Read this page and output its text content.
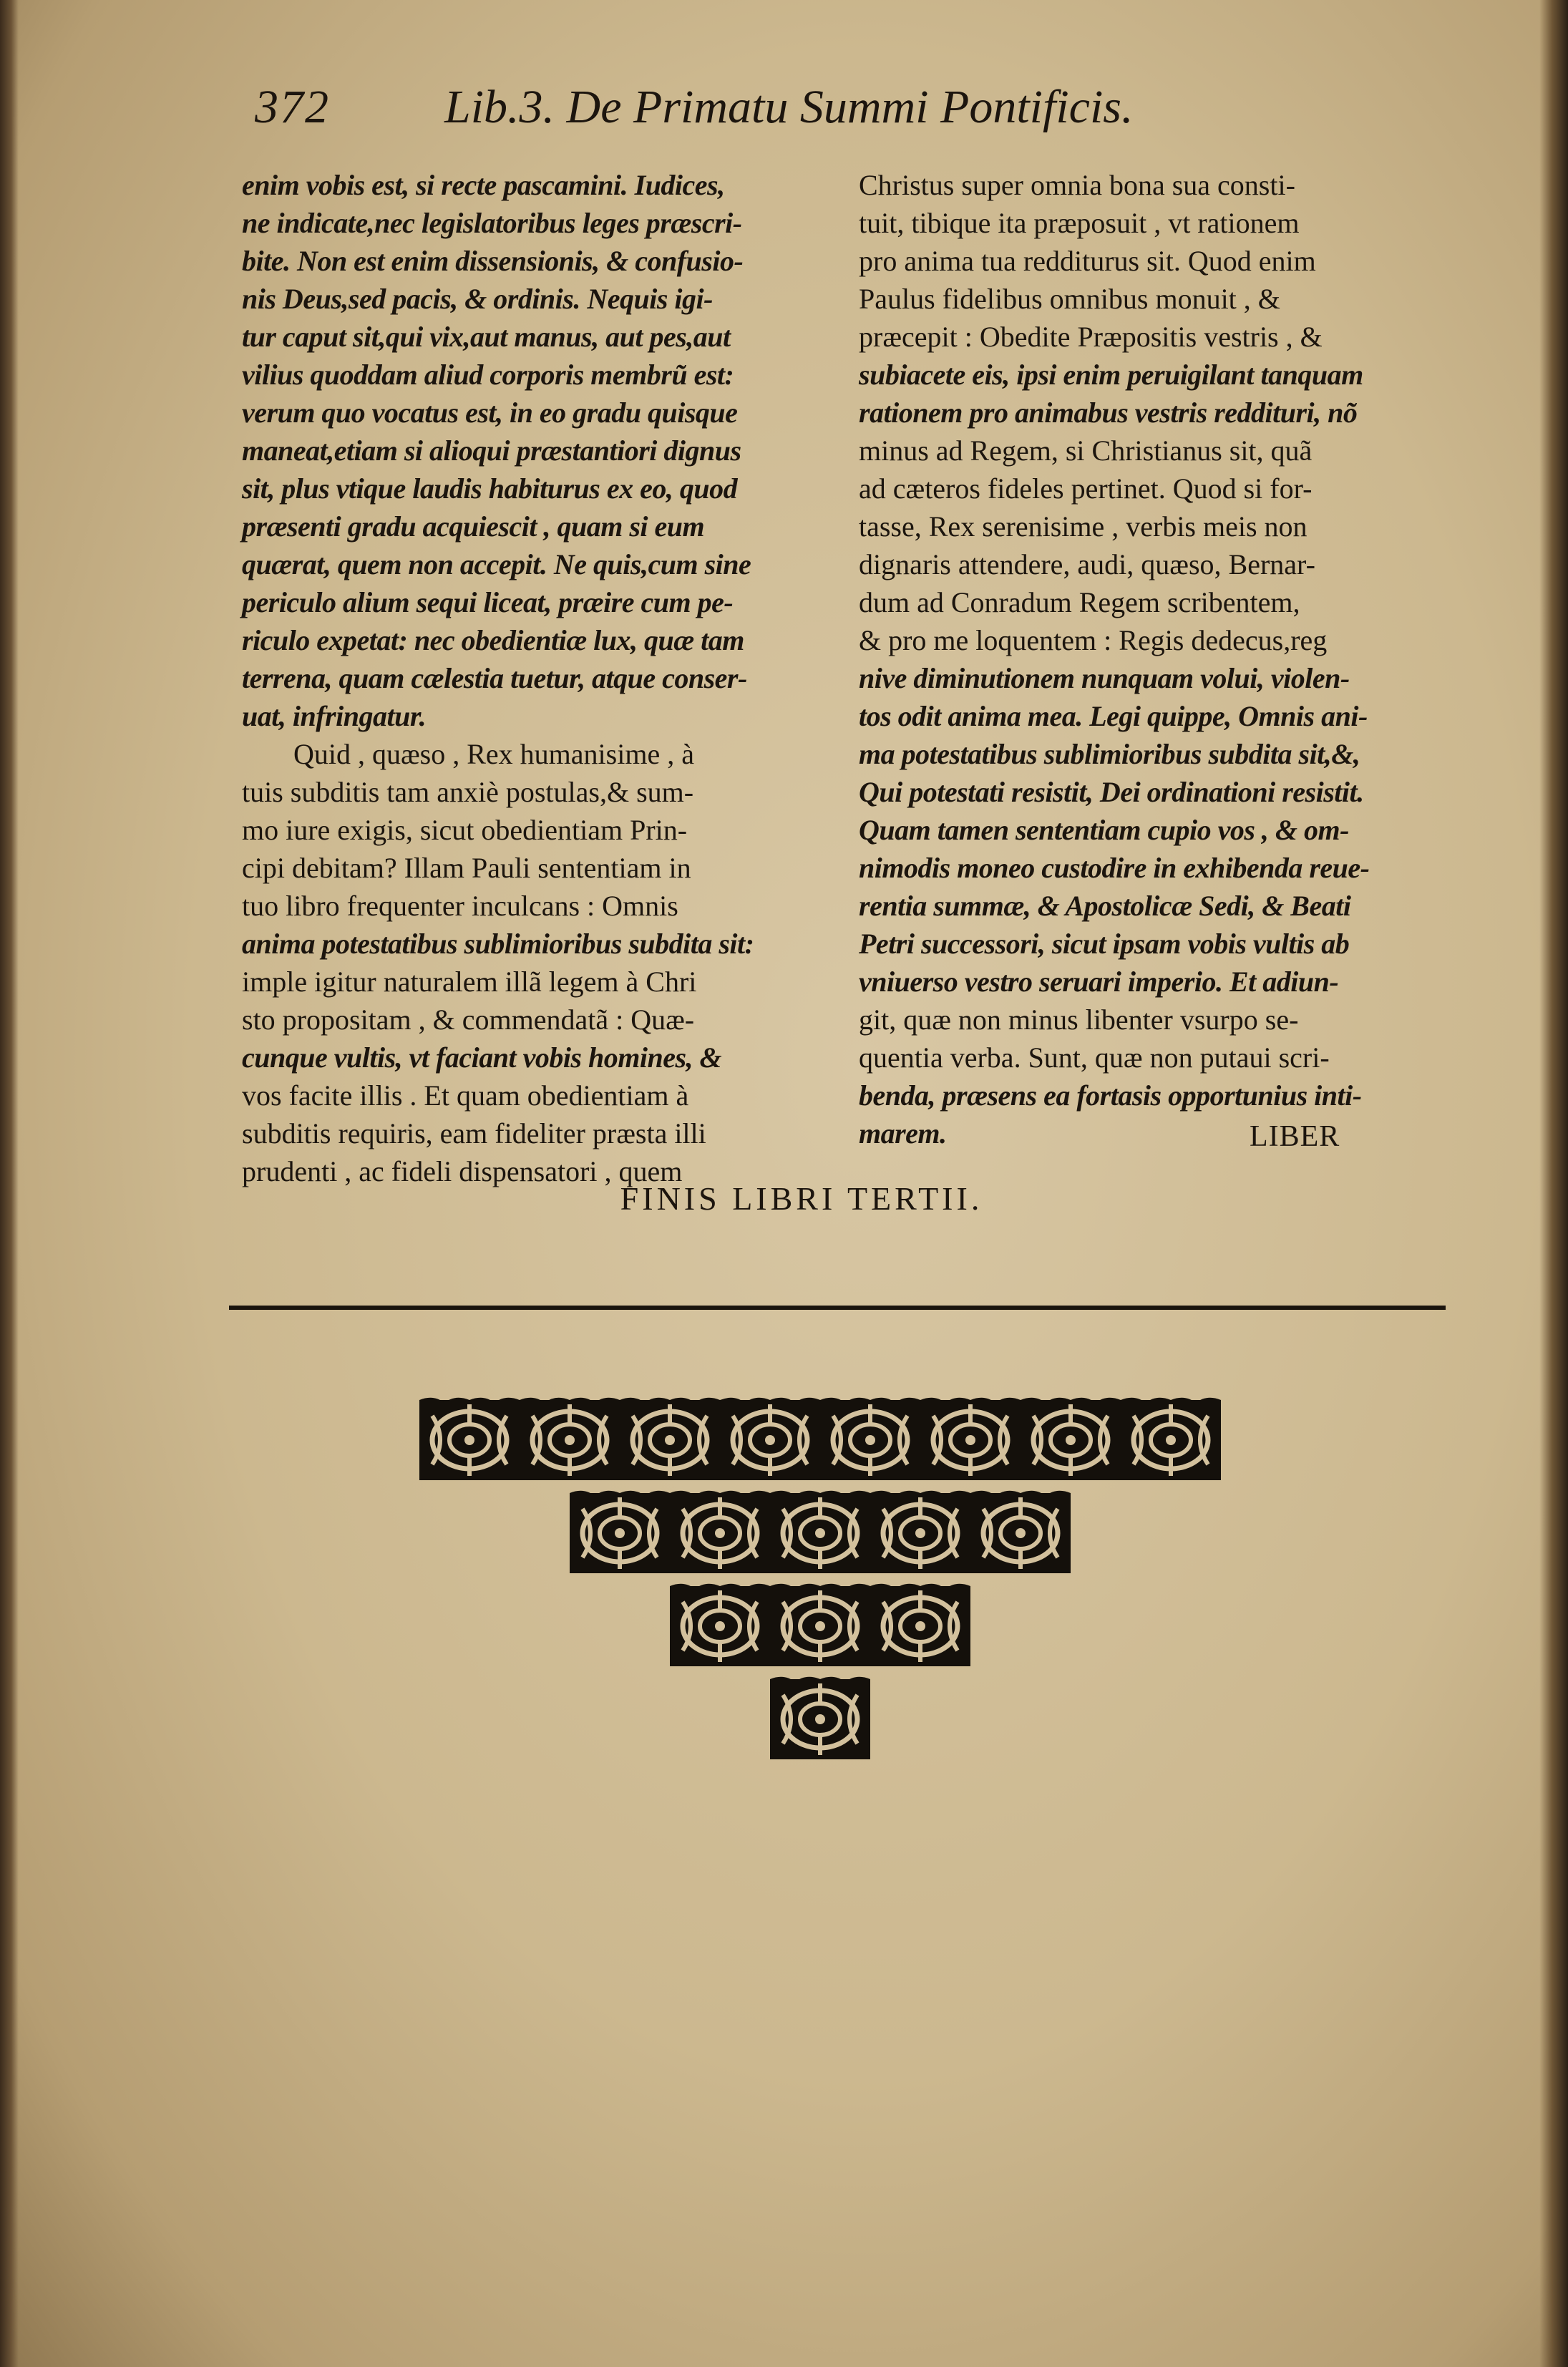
372 Lib.3. De Primatu Summi Pontificis.
enim vobis est, si recte pascamini. Iudices,
ne indicate,nec legislatoribus leges præscri-
bite. Non est enim dissensionis, & confusio-
nis Deus,sed pacis, & ordinis. Nequis igi-
tur caput sit,qui vix,aut manus, aut pes,aut
vilius quoddam aliud corporis membrũ est:
verum quo vocatus est, in eo gradu quisque
maneat,etiam si alioqui præstantiori dignus
sit, plus vtique laudis habiturus ex eo, quod
præsenti gradu acquiescit , quam si eum
quærat, quem non accepit. Ne quis,cum sine
periculo alium sequi liceat, præire cum pe-
riculo expetat: nec obedientiæ lux, quæ tam
terrena, quam cælestia tuetur, atque conser-
uat, infringatur.
Quid , quæso , Rex humanisime , à
tuis subditis tam anxiè postulas,& sum-
mo iure exigis, sicut obedientiam Prin-
cipi debitam? Illam Pauli sententiam in
tuo libro frequenter inculcans : Omnis
anima potestatibus sublimioribus subdita sit:
imple igitur naturalem illã legem à Chri
sto propositam , & commendatã : Quæ-
cunque vultis, vt faciant vobis homines, &
vos facite illis . Et quam obedientiam à
subditis requiris, eam fideliter præsta illi
prudenti , ac fideli dispensatori , quem
Christus super omnia bona sua consti-
tuit, tibique ita præposuit , vt rationem
pro anima tua redditurus sit. Quod enim
Paulus fidelibus omnibus monuit , &
præcepit : Obedite Præpositis vestris , &
subiacete eis, ipsi enim peruigilant tanquam
rationem pro animabus vestris reddituri, nõ
minus ad Regem, si Christianus sit, quã
ad cæteros fideles pertinet. Quod si for-
tasse, Rex serenisime , verbis meis non
dignaris attendere, audi, quæso, Bernar-
dum ad Conradum Regem scribentem,
& pro me loquentem : Regis dedecus,reg
nive diminutionem nunquam volui, violen-
tos odit anima mea. Legi quippe, Omnis ani-
ma potestatibus sublimioribus subdita sit,&,
Qui potestati resistit, Dei ordinationi resistit.
Quam tamen sententiam cupio vos , & om-
nimodis moneo custodire in exhibenda reue-
rentia summæ, & Apostolicæ Sedi, & Beati
Petri successori, sicut ipsam vobis vultis ab
vniuerso vestro seruari imperio. Et adiun-
git, quæ non minus libenter vsurpo se-
quentia verba. Sunt, quæ non putaui scri-
benda, præsens ea fortasis opportunius inti-
marem.	LIBER
FINIS LIBRI TERTII.
